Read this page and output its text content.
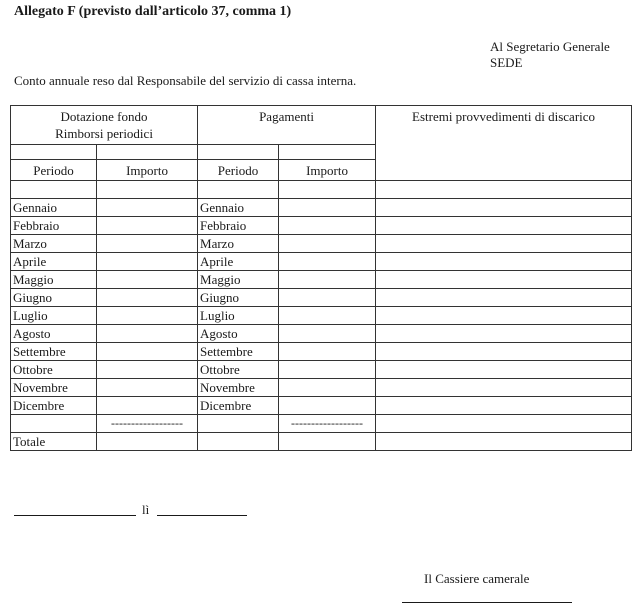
Allegato F (previsto dall’articolo 37, comma 1)
Al Segretario Generale
SEDE
Conto annuale reso dal Responsabile del servizio di cassa interna.
Dotazione fondo
Rimborsi periodici		Pagamenti		Estremi provvedimenti di discarico

Periodo	Importo	Periodo	Importo	

Gennaio		Gennaio		
Febbraio		Febbraio		
Marzo		Marzo		
Aprile		Aprile		
Maggio		Maggio		
Giugno		Giugno		
Luglio		Luglio		
Agosto		Agosto		
Settembre		Settembre		
Ottobre		Ottobre		
Novembre		Novembre		
Dicembre		Dicembre		
	------------------		------------------	
Totale				
lì
Il Cassiere camerale
